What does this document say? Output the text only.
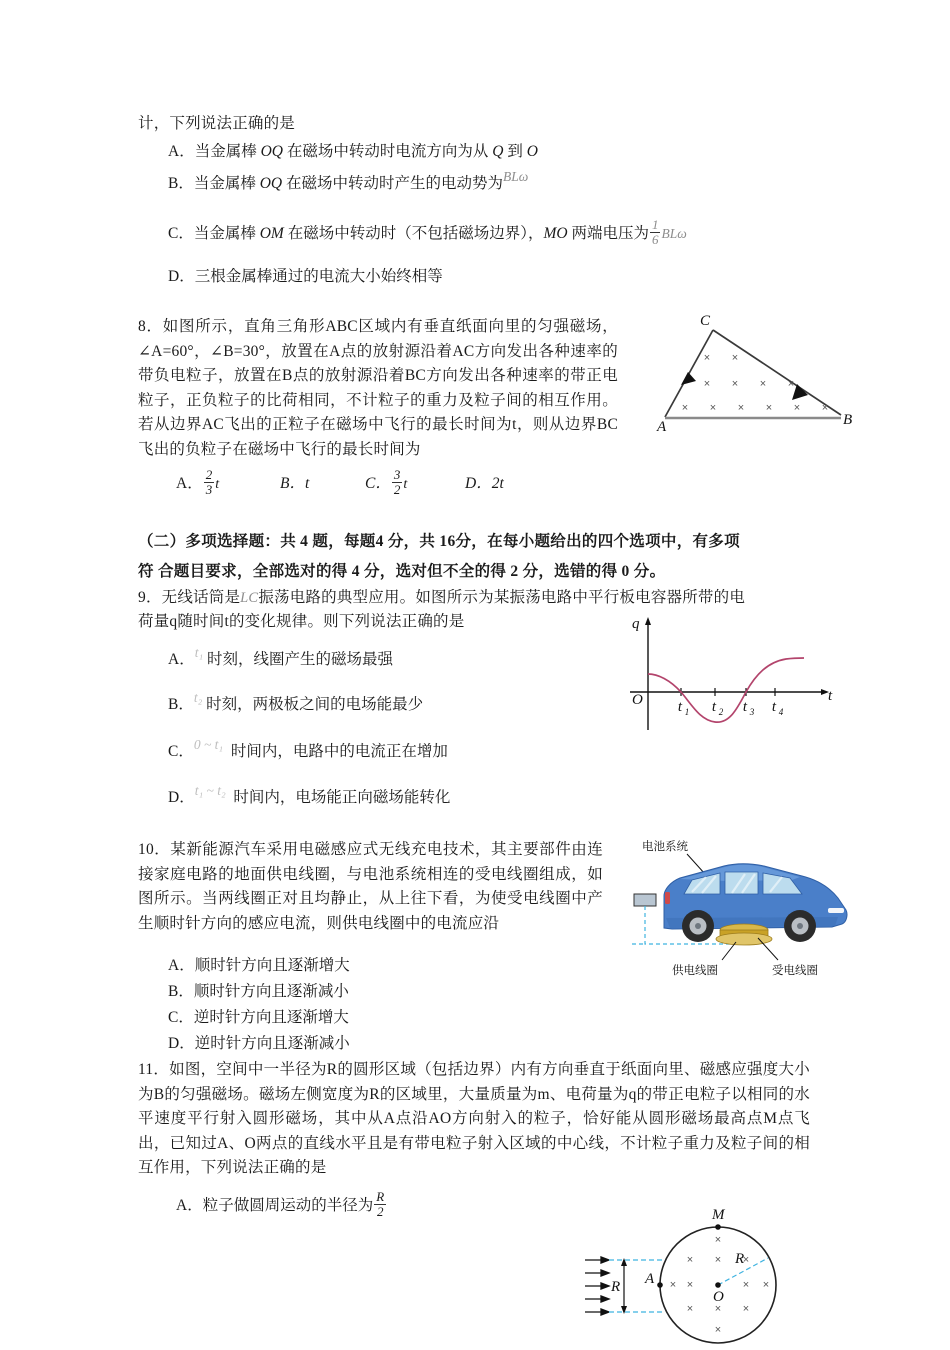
计，下列说法正确的是
A．当金属棒 OQ 在磁场中转动时电流方向为从 Q 到 O
B．当金属棒 OQ 在磁场中转动时产生的电动势为BLω
C．当金属棒 OM 在磁场中转动时（不包括磁场边界），MO 两端电压为 $\frac{1}{6}$ BLω
D．三根金属棒通过的电流大小始终相等
8．如图所示，直角三角形ABC区域内有垂直纸面向里的匀强磁场，∠A=60°，∠B=30°，放置在A点的放射源沿着AC方向发出各种速率的带负电粒子，放置在B点的放射源沿着BC方向发出各种速率的带正电粒子，正负粒子的比荷相同，不计粒子的重力及粒子间的相互作用。若从边界AC飞出的正粒子在磁场中飞行的最长时间为t，则从边界BC飞出的负粒子在磁场中飞行的最长时间为
C
A	B
× ×
× × × ×
× × × × × ×
A． $\frac{2}{3}$ t	B．t	C． $\frac{3}{2}$ t	D．2t
（二）多项选择题：共 4 题，每题4 分，共 16分，在每小题给出的四个选项中，有多项
符 合题目要求，全部选对的得 4 分，选对但不全的得 2 分，选错的得 0 分。
9．无线话筒是LC振荡电路的典型应用。如图所示为某振荡电路中平行板电容器所带的电
荷量q随时间t的变化规律。则下列说法正确的是	q
t
O t 1 t 2 t 3 t 4
A．t₁ 时刻，线圈产生的磁场最强
B．t₂ 时刻，两极板之间的电场能最少
C．0 ~ t₁ 时间内，电路中的电流正在增加
D．t₁ ~ t₂ 时间内，电场能正向磁场能转化
10．某新能源汽车采用电磁感应式无线充电技术，其主要部件由连接家庭电路的地面供电线圈，与电池系统相连的受电线圈组成，如图所示。当两线圈正对且均静止，从上往下看，为使受电线圈中产生顺时针方向的感应电流，则供电线圈中的电流应沿
电池系统
供电线圈	受电线圈
A．顺时针方向且逐渐增大
B．顺时针方向且逐渐减小
C．逆时针方向且逐渐增大
D．逆时针方向且逐渐减小
11．如图，空间中一半径为R的圆形区域（包括边界）内有方向垂直于纸面向里、磁感应强度大小为B的匀强磁场。磁场左侧宽度为R的区域里，大量质量为m、电荷量为q的带正电粒子以相同的水平速度平行射入圆形磁场，其中从A点沿AO方向射入的粒子，恰好能从圆形磁场最高点M点飞出，已知过A、O两点的直线水平且是有带电粒子射入区域的中心线，不计粒子重力及粒子间的相互作用，下列说法正确的是
A．粒子做圆周运动的半径为 $\frac{R}{2}$
R
R
M
A
O
×
× × ×
× ×	× ×
× × ×
×
